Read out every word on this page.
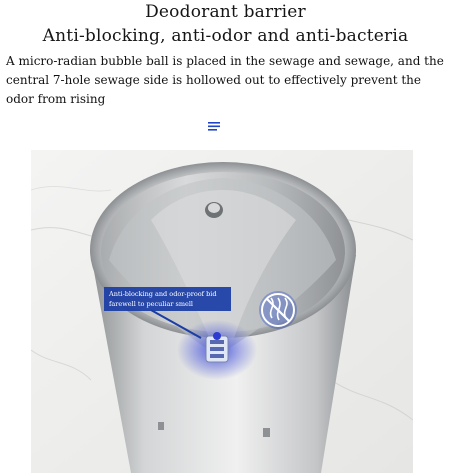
Deodorant barrier
Anti-blocking, anti-odor and anti-bacteria
A micro-radian bubble ball is placed in the sewage and sewage, and the central 7-hole sewage side is hollowed out to effectively prevent the odor from rising
Anti-blocking and odor-proof bid
farewell to peculiar smell
